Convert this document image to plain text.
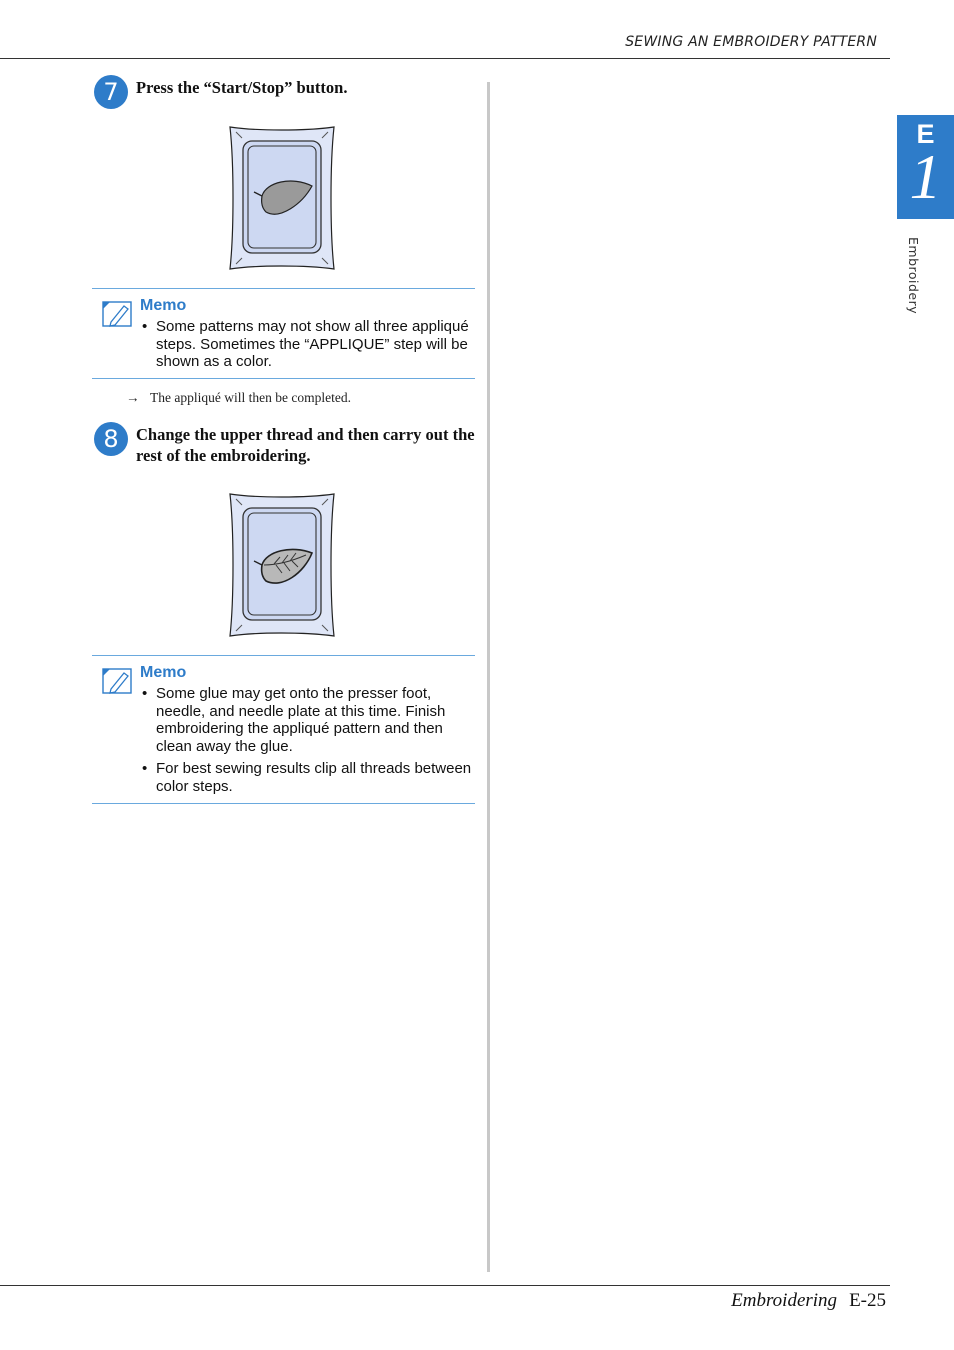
SEWING AN EMBROIDERY PATTERN
E
1
Embroidery
7 Press the “Start/Stop” button.
Memo
• Some patterns may not show all three appliqué steps. Sometimes the “APPLIQUE” step will be shown as a color.
→ The appliqué will then be completed.
8 Change the upper thread and then carry out the rest of the embroidering.
Memo
• Some glue may get onto the presser foot, needle, and needle plate at this time. Finish embroidering the appliqué pattern and then clean away the glue.
• For best sewing results clip all threads between color steps.
Embroidering E-25
